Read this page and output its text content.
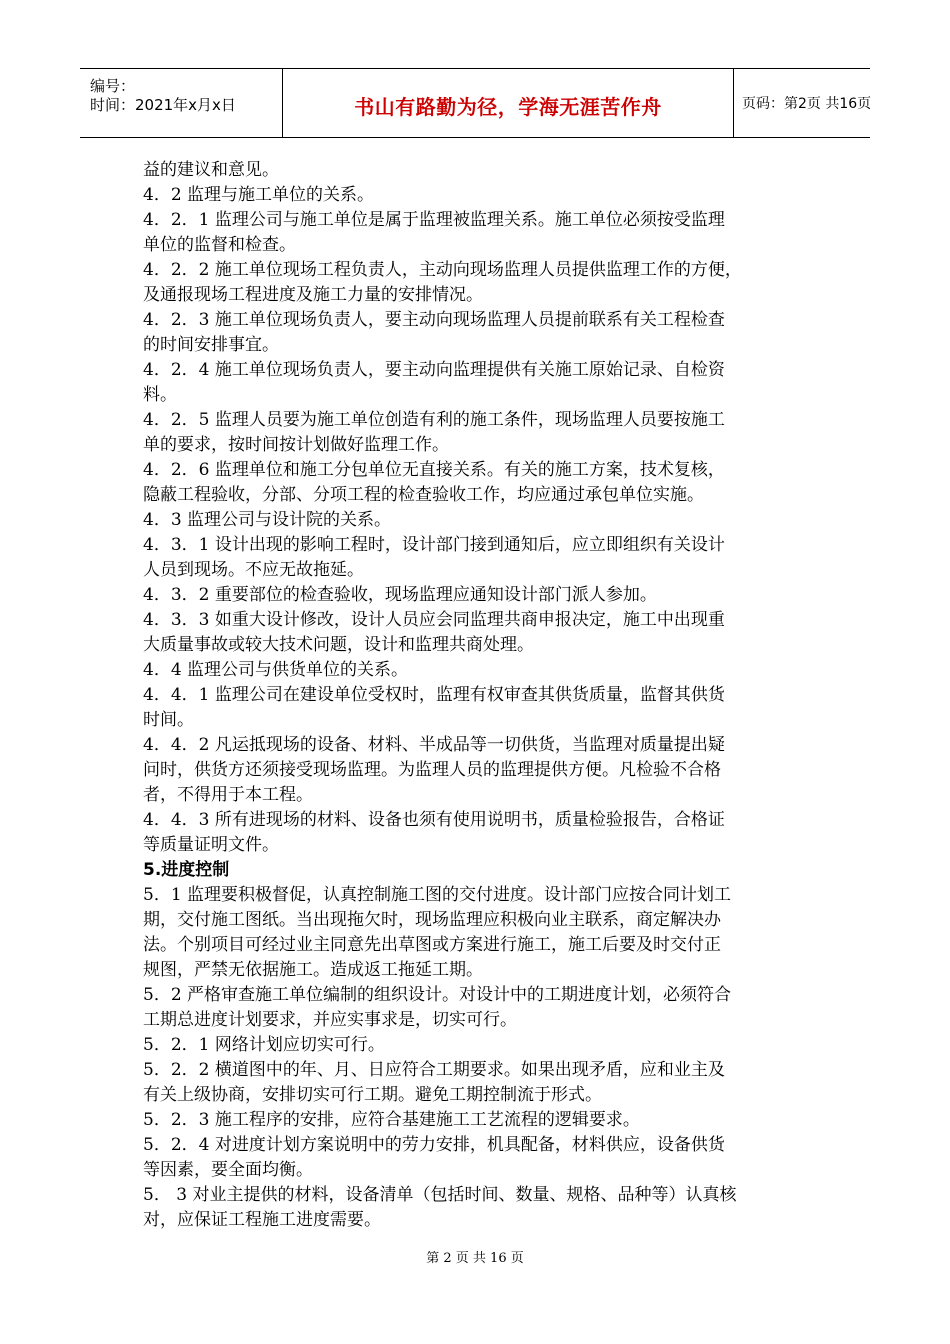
编号：
时间：2021年x月x日	书山有路勤为径，学海无涯苦作舟	页码：第2页 共16页
益的建议和意见。
4．2 监理与施工单位的关系。
4．2．1 监理公司与施工单位是属于监理被监理关系。施工单位必须按受监理
单位的监督和检查。
4．2．2 施工单位现场工程负责人，主动向现场监理人员提供监理工作的方便，
及通报现场工程进度及施工力量的安排情况。
4．2．3 施工单位现场负责人，要主动向现场监理人员提前联系有关工程检查
的时间安排事宜。
4．2．4 施工单位现场负责人，要主动向监理提供有关施工原始记录、自检资
料。
4．2．5 监理人员要为施工单位创造有利的施工条件，现场监理人员要按施工
单的要求，按时间按计划做好监理工作。
4．2．6 监理单位和施工分包单位无直接关系。有关的施工方案，技术复核，
隐蔽工程验收，分部、分项工程的检查验收工作，均应通过承包单位实施。
4．3 监理公司与设计院的关系。
4．3．1 设计出现的影响工程时，设计部门接到通知后，应立即组织有关设计
人员到现场。不应无故拖延。
4．3．2 重要部位的检查验收，现场监理应通知设计部门派人参加。
4．3．3 如重大设计修改，设计人员应会同监理共商申报决定，施工中出现重
大质量事故或较大技术问题，设计和监理共商处理。
4．4 监理公司与供货单位的关系。
4．4．1 监理公司在建设单位受权时，监理有权审查其供货质量，监督其供货
时间。
4．4．2 凡运抵现场的设备、材料、半成品等一切供货，当监理对质量提出疑
问时，供货方还须接受现场监理。为监理人员的监理提供方便。凡检验不合格
者，不得用于本工程。
4．4．3 所有进现场的材料、设备也须有使用说明书，质量检验报告，合格证
等质量证明文件。
5.进度控制
5．1 监理要积极督促，认真控制施工图的交付进度。设计部门应按合同计划工
期，交付施工图纸。当出现拖欠时，现场监理应积极向业主联系，商定解决办
法。个别项目可经过业主同意先出草图或方案进行施工，施工后要及时交付正
规图，严禁无依据施工。造成返工拖延工期。
5．2 严格审查施工单位编制的组织设计。对设计中的工期进度计划，必须符合
工期总进度计划要求，并应实事求是，切实可行。
5．2．1 网络计划应切实可行。
5．2．2 横道图中的年、月、日应符合工期要求。如果出现矛盾，应和业主及
有关上级协商，安排切实可行工期。避免工期控制流于形式。
5．2．3 施工程序的安排，应符合基建施工工艺流程的逻辑要求。
5．2．4 对进度计划方案说明中的劳力安排，机具配备，材料供应，设备供货
等因素，要全面均衡。
5． 3 对业主提供的材料，设备清单（包括时间、数量、规格、品种等）认真核
对，应保证工程施工进度需要。
第 2 页 共 16 页
